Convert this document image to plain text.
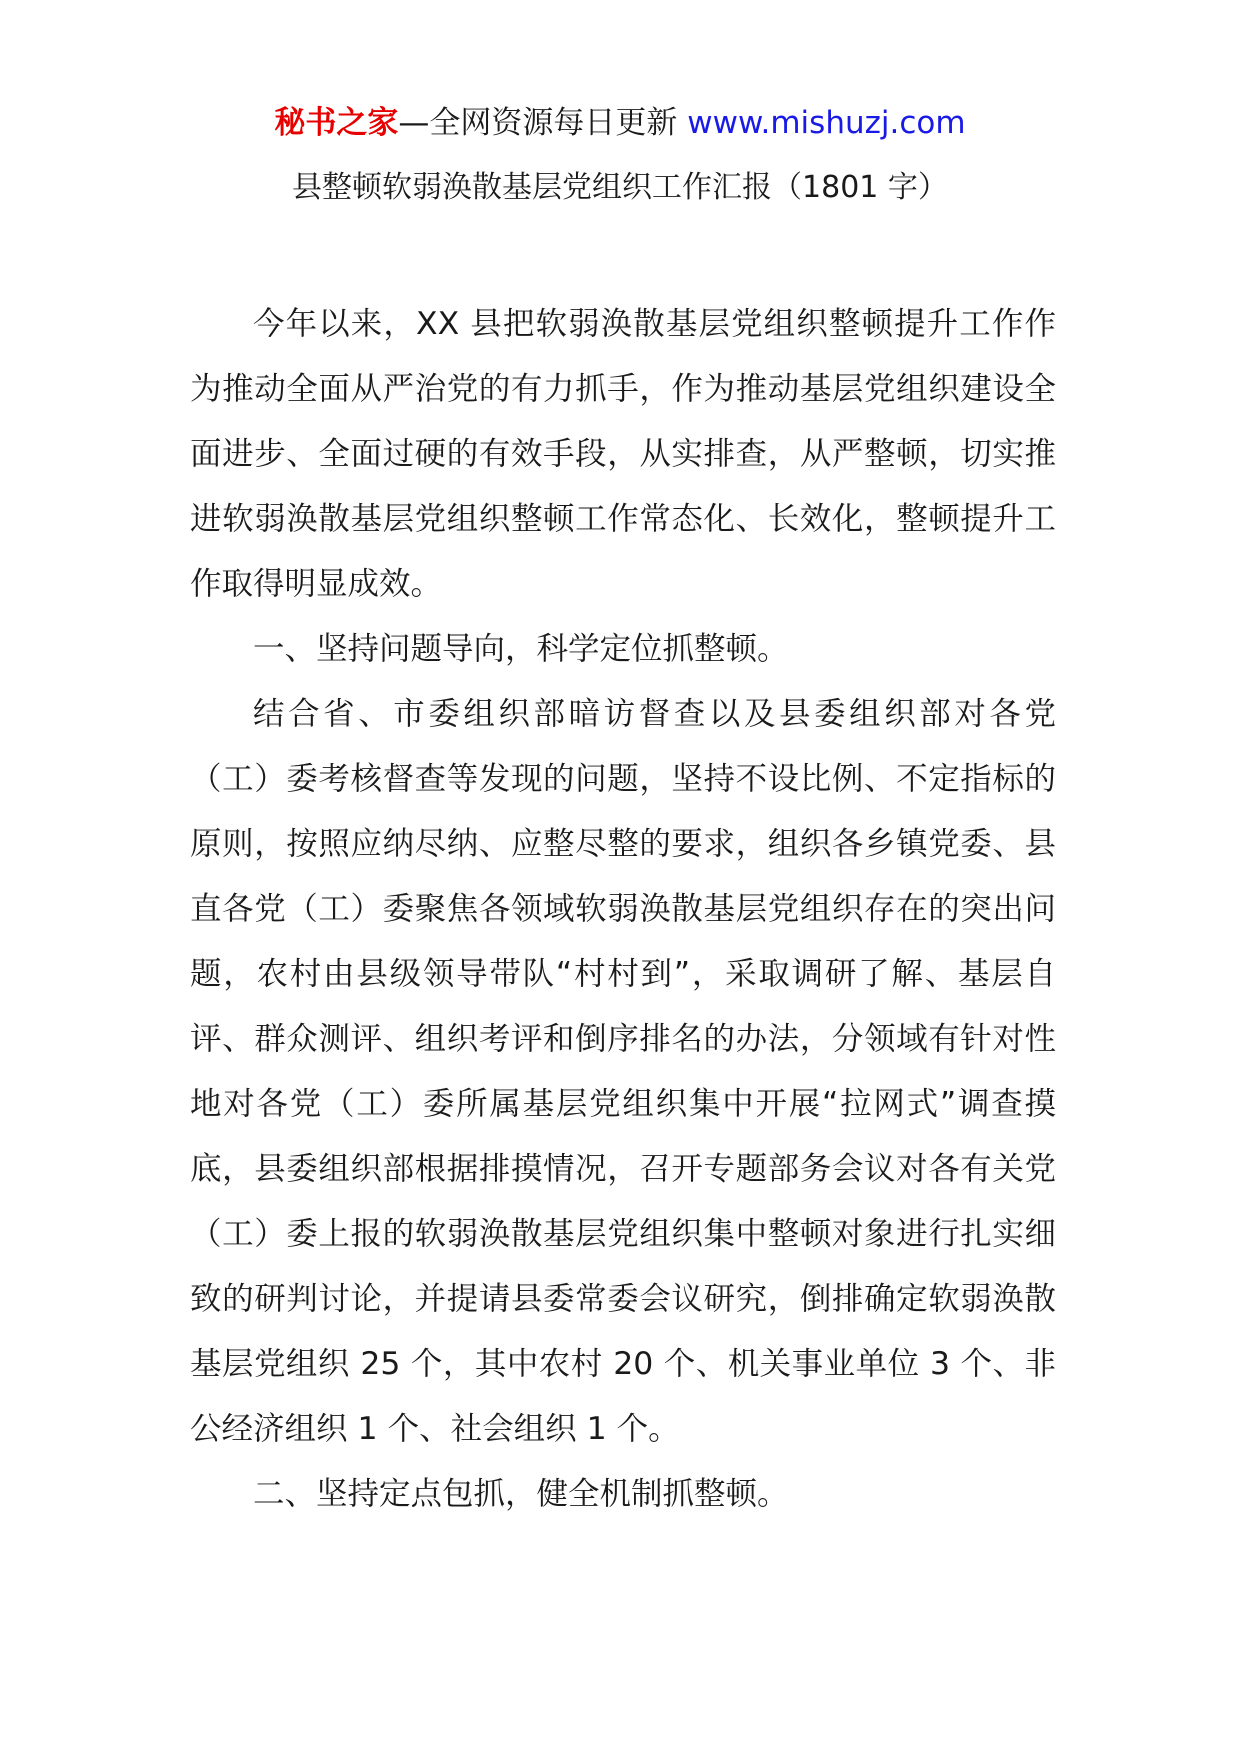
秘书之家—全网资源每日更新 www.mishuzj.com
县整顿软弱涣散基层党组织工作汇报（1801 字）

今年以来，XX 县把软弱涣散基层党组织整顿提升工作作为推动全面从严治党的有力抓手，作为推动基层党组织建设全面进步、全面过硬的有效手段，从实排查，从严整顿，切实推进软弱涣散基层党组织整顿工作常态化、长效化，整顿提升工作取得明显成效。

一、坚持问题导向，科学定位抓整顿。

结合省、市委组织部暗访督查以及县委组织部对各党（工）委考核督查等发现的问题，坚持不设比例、不定指标的原则，按照应纳尽纳、应整尽整的要求，组织各乡镇党委、县直各党（工）委聚焦各领域软弱涣散基层党组织存在的突出问题，农村由县级领导带队“村村到”，采取调研了解、基层自评、群众测评、组织考评和倒序排名的办法，分领域有针对性地对各党（工）委所属基层党组织集中开展“拉网式”调查摸底，县委组织部根据排摸情况，召开专题部务会议对各有关党（工）委上报的软弱涣散基层党组织集中整顿对象进行扎实细致的研判讨论，并提请县委常委会议研究，倒排确定软弱涣散基层党组织 25 个，其中农村 20 个、机关事业单位 3 个、非公经济组织 1 个、社会组织 1 个。

二、坚持定点包抓，健全机制抓整顿。
